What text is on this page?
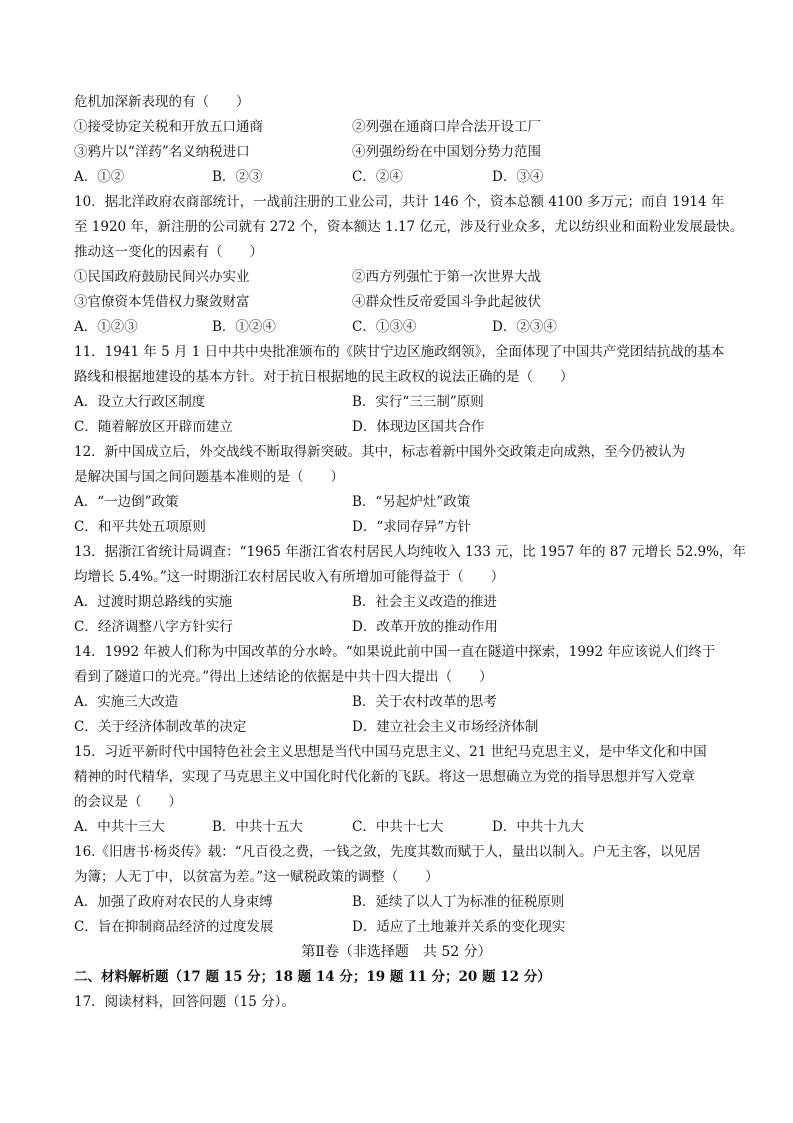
危机加深新表现的有（　　）
①接受协定关税和开放五口通商	②列强在通商口岸合法开设工厂
③鸦片以“洋药”名义纳税进口	④列强纷纷在中国划分势力范围
A．①②	B．②③	C．②④	D．③④
10．据北洋政府农商部统计，一战前注册的工业公司，共计 146 个，资本总额 4100 多万元；而自 1914 年
至 1920 年，新注册的公司就有 272 个，资本额达 1.17 亿元，涉及行业众多，尤以纺织业和面粉业发展最快。
推动这一变化的因素有（　　）
①民国政府鼓励民间兴办实业	②西方列强忙于第一次世界大战
③官僚资本凭借权力聚敛财富	④群众性反帝爱国斗争此起彼伏
A．①②③	B．①②④	C．①③④	D．②③④
11．1941 年 5 月 1 日中共中央批准颁布的《陕甘宁边区施政纲领》，全面体现了中国共产党团结抗战的基本
路线和根据地建设的基本方针。对于抗日根据地的民主政权的说法正确的是（　　）
A．设立大行政区制度	B．实行“三三制”原则
C．随着解放区开辟而建立	D．体现边区国共合作
12．新中国成立后，外交战线不断取得新突破。其中，标志着新中国外交政策走向成熟，至今仍被认为
是解决国与国之间问题基本准则的是（　　）
A．“一边倒”政策	B．“另起炉灶”政策
C．和平共处五项原则	D．“求同存异”方针
13．据浙江省统计局调查：“1965 年浙江省农村居民人均纯收入 133 元，比 1957 年的 87 元增长 52.9%，年
均增长 5.4%。”这一时期浙江农村居民收入有所增加可能得益于（　　）
A．过渡时期总路线的实施	B．社会主义改造的推进
C．经济调整八字方针实行	D．改革开放的推动作用
14．1992 年被人们称为中国改革的分水岭。“如果说此前中国一直在隧道中探索，1992 年应该说人们终于
看到了隧道口的光亮。”得出上述结论的依据是中共十四大提出（　　）
A．实施三大改造	B．关于农村改革的思考
C．关于经济体制改革的决定	D．建立社会主义市场经济体制
15．习近平新时代中国特色社会主义思想是当代中国马克思主义、21 世纪马克思主义，是中华文化和中国
精神的时代精华，实现了马克思主义中国化时代化新的飞跃。将这一思想确立为党的指导思想并写入党章
的会议是（　　）
A．中共十三大	B．中共十五大	C．中共十七大	D．中共十九大
16.《旧唐书·杨炎传》载：“凡百役之费，一钱之敛，先度其数而赋于人，量出以制入。户无主客，以见居
为簿；人无丁中，以贫富为差。”这一赋税政策的调整（　　）
A．加强了政府对农民的人身束缚	B．延续了以人丁为标准的征税原则
C．旨在抑制商品经济的过度发展	D．适应了土地兼并关系的变化现实
第Ⅱ卷（非选择题　共 52 分）
二、材料解析题（17 题 15 分；18 题 14 分；19 题 11 分；20 题 12 分）
17．阅读材料，回答问题（15 分）。
